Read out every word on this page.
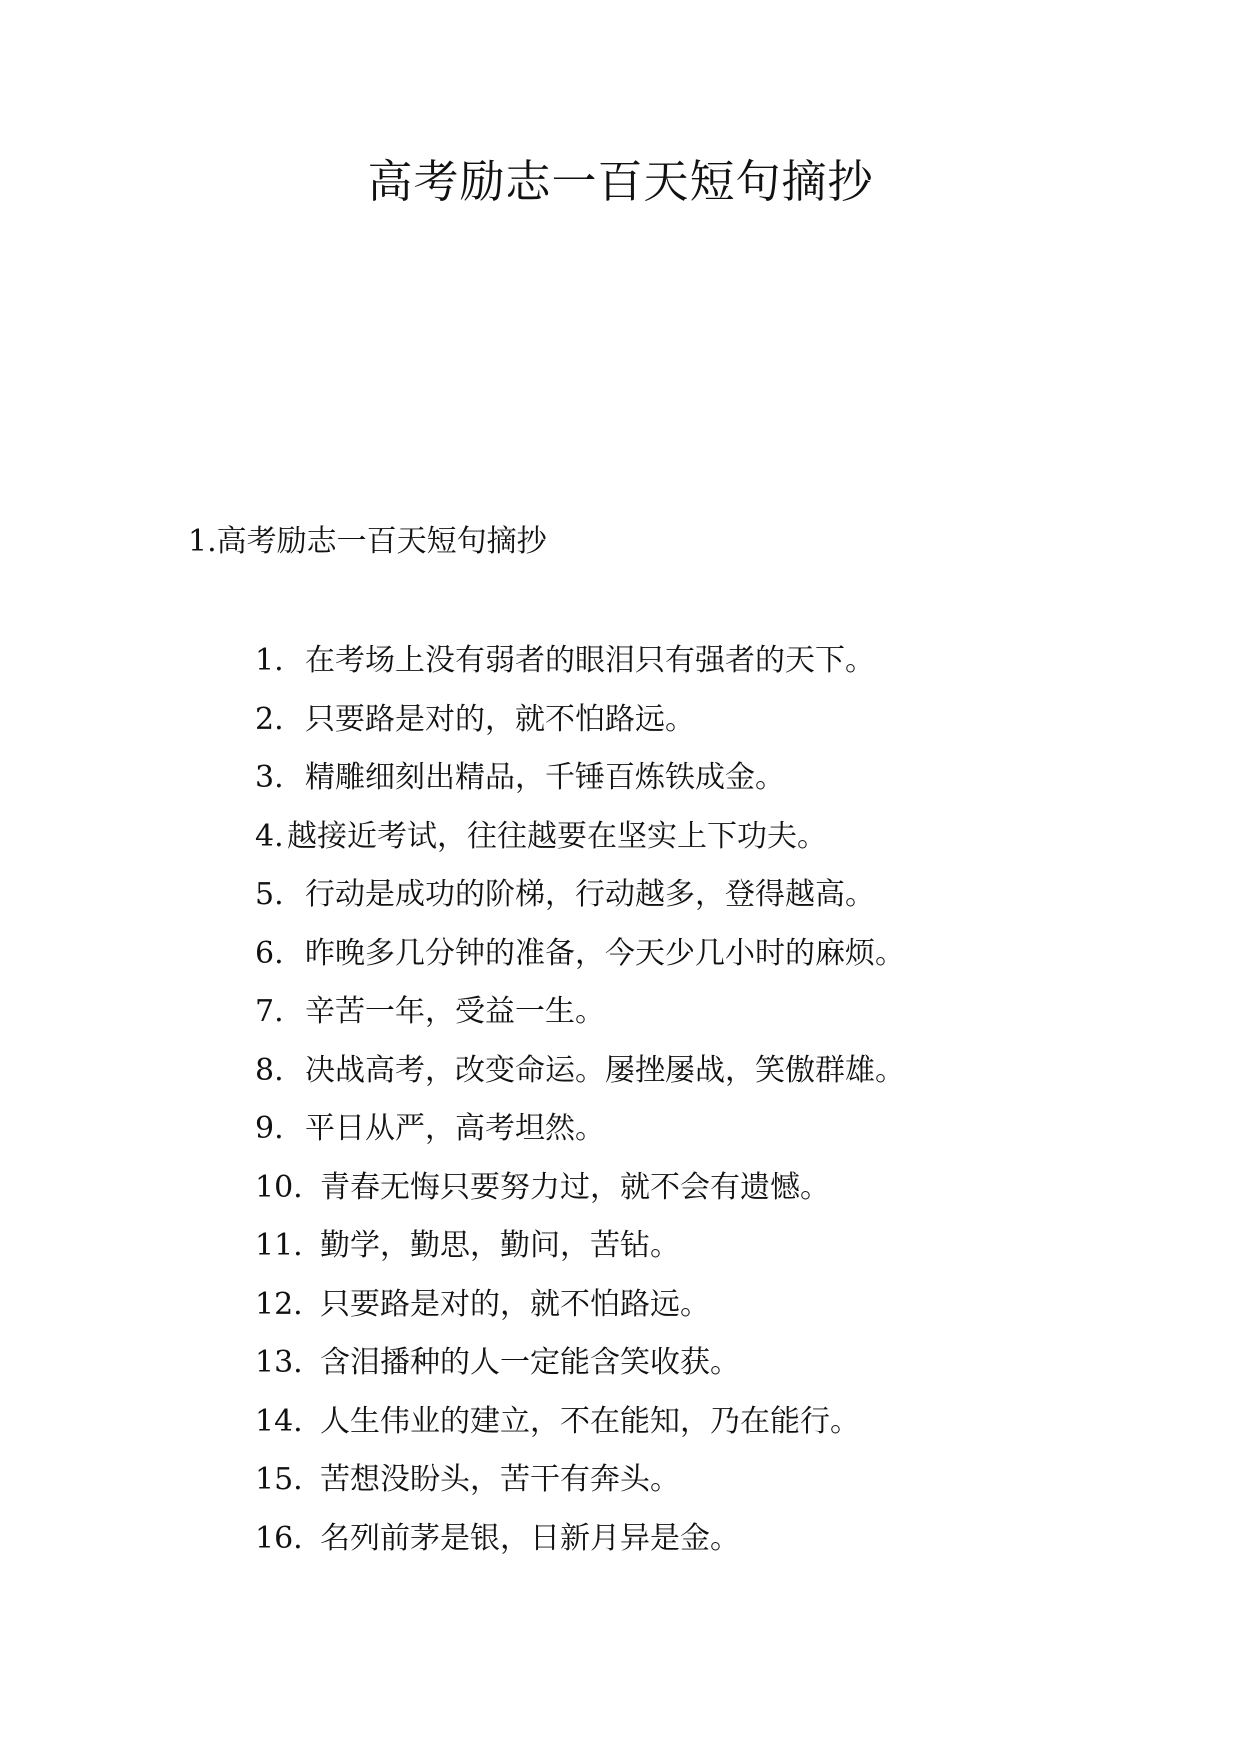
高考励志一百天短句摘抄
1.高考励志一百天短句摘抄
1. 在考场上没有弱者的眼泪只有强者的天下。
2. 只要路是对的，就不怕路远。
3. 精雕细刻出精品，千锤百炼铁成金。
4. 越接近考试，往往越要在坚实上下功夫。
5. 行动是成功的阶梯，行动越多，登得越高。
6. 昨晚多几分钟的准备，今天少几小时的麻烦。
7. 辛苦一年，受益一生。
8. 决战高考，改变命运。屡挫屡战，笑傲群雄。
9. 平日从严，高考坦然。
10. 青春无悔只要努力过，就不会有遗憾。
11. 勤学，勤思，勤问，苦钻。
12. 只要路是对的，就不怕路远。
13. 含泪播种的人一定能含笑收获。
14. 人生伟业的建立，不在能知，乃在能行。
15. 苦想没盼头，苦干有奔头。
16. 名列前茅是银，日新月异是金。
